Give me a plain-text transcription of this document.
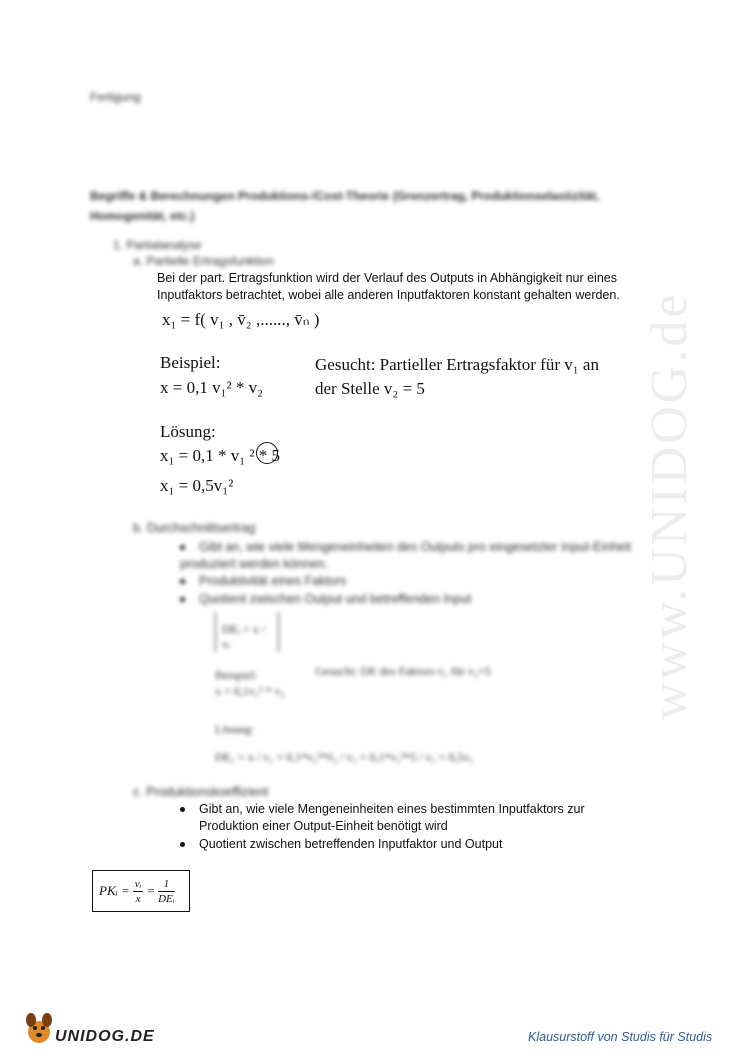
www.UNIDOG.de
Fertigung
Begriffe & Berechnungen Produktions-/Cost-Theorie (Grenzertrag, Produktionselastizität, Homogenität, etc.)
1. Partialanalyse
a. Partielle Ertragsfunktion
Bei der part. Ertragsfunktion wird der Verlauf des Outputs in Abhängigkeit nur eines Inputfaktors betrachtet, wobei alle anderen Inputfaktoren konstant gehalten werden.
x₁ = f( v₁ , v̄₂ ,......, v̄ₙ )
Beispiel:
x = 0,1 v₁² * v₂
Gesucht: Partieller Ertragsfaktor für v₁ an der Stelle v₂ = 5
Lösung:
x₁ = 0,1 * v₁ ² * 5
x₁ = 0,5v₁²
b. Durchschnittsertrag
Gibt an, wie viele Mengeneinheiten des Outputs pro eingesetzter Input-Einheit produziert werden können.
Produktivität eines Faktors
Quotient zwischen Output und betreffenden Input
DEᵢ = x / vᵢ
Beispiel:
x = 0,1v₁² * v₂
Gesucht: DE des Faktors v₁ für v₂=5
Lösung:
DE₁ = x / v₁ = 0,1*v₁²*v̄₂ / v₁ = 0,1*v₁²*5 / v₁ = 0,5v₁
c. Produktionskoeffizient
Gibt an, wie viele Mengeneinheiten eines bestimmten Inputfaktors zur Produktion einer Output-Einheit benötigt wird
Quotient zwischen betreffenden Inputfaktor und Output
PKᵢ = $\frac{\text{vᵢ}}{x} = \frac{1}{\text{DEᵢ}}$
UNIDOG.DE	Klausurstoff von Studis für Studis
